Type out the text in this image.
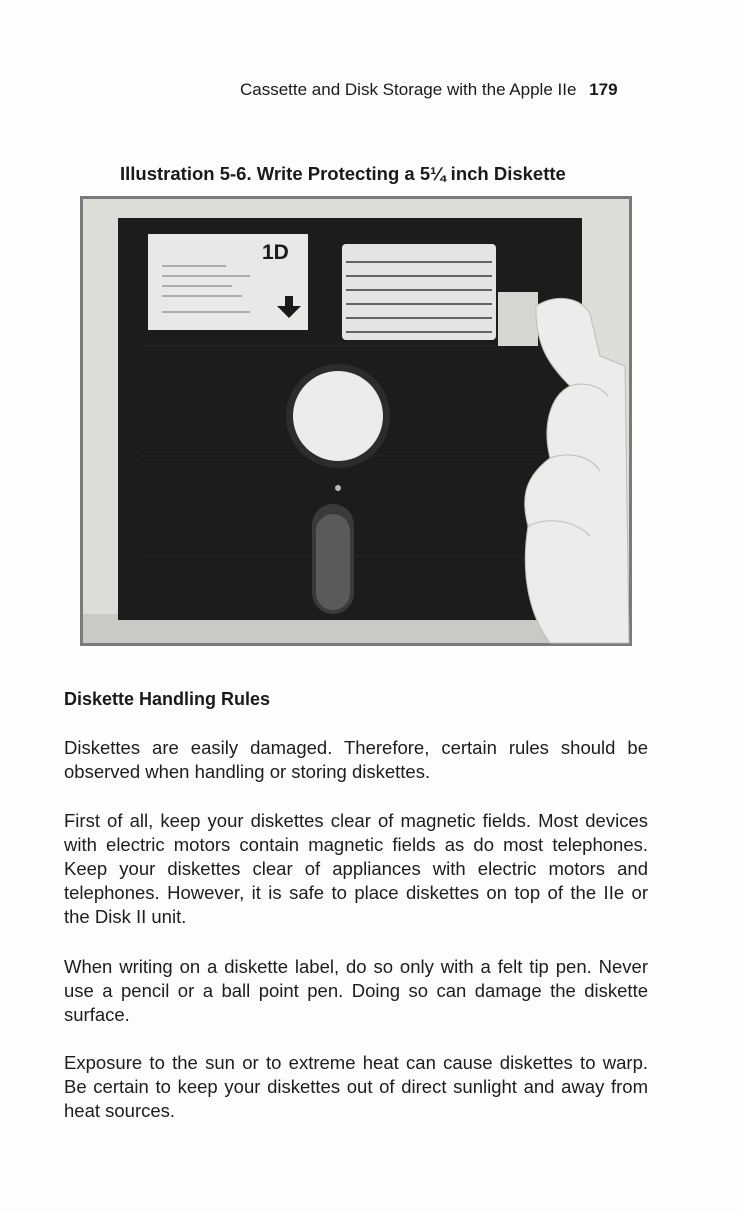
Cassette and Disk Storage with the Apple IIe 179
Illustration 5-6. Write Protecting a 5¼ inch Diskette
1D
Diskette Handling Rules

Diskettes are easily damaged. Therefore, certain rules should be observed when handling or storing diskettes.

First of all, keep your diskettes clear of magnetic fields. Most devices with electric motors contain magnetic fields as do most telephones. Keep your diskettes clear of appliances with electric motors and telephones. However, it is safe to place diskettes on top of the IIe or the Disk II unit.

When writing on a diskette label, do so only with a felt tip pen. Never use a pencil or a ball point pen. Doing so can damage the diskette surface.

Exposure to the sun or to extreme heat can cause diskettes to warp. Be certain to keep your diskettes out of direct sunlight and away from heat sources.
